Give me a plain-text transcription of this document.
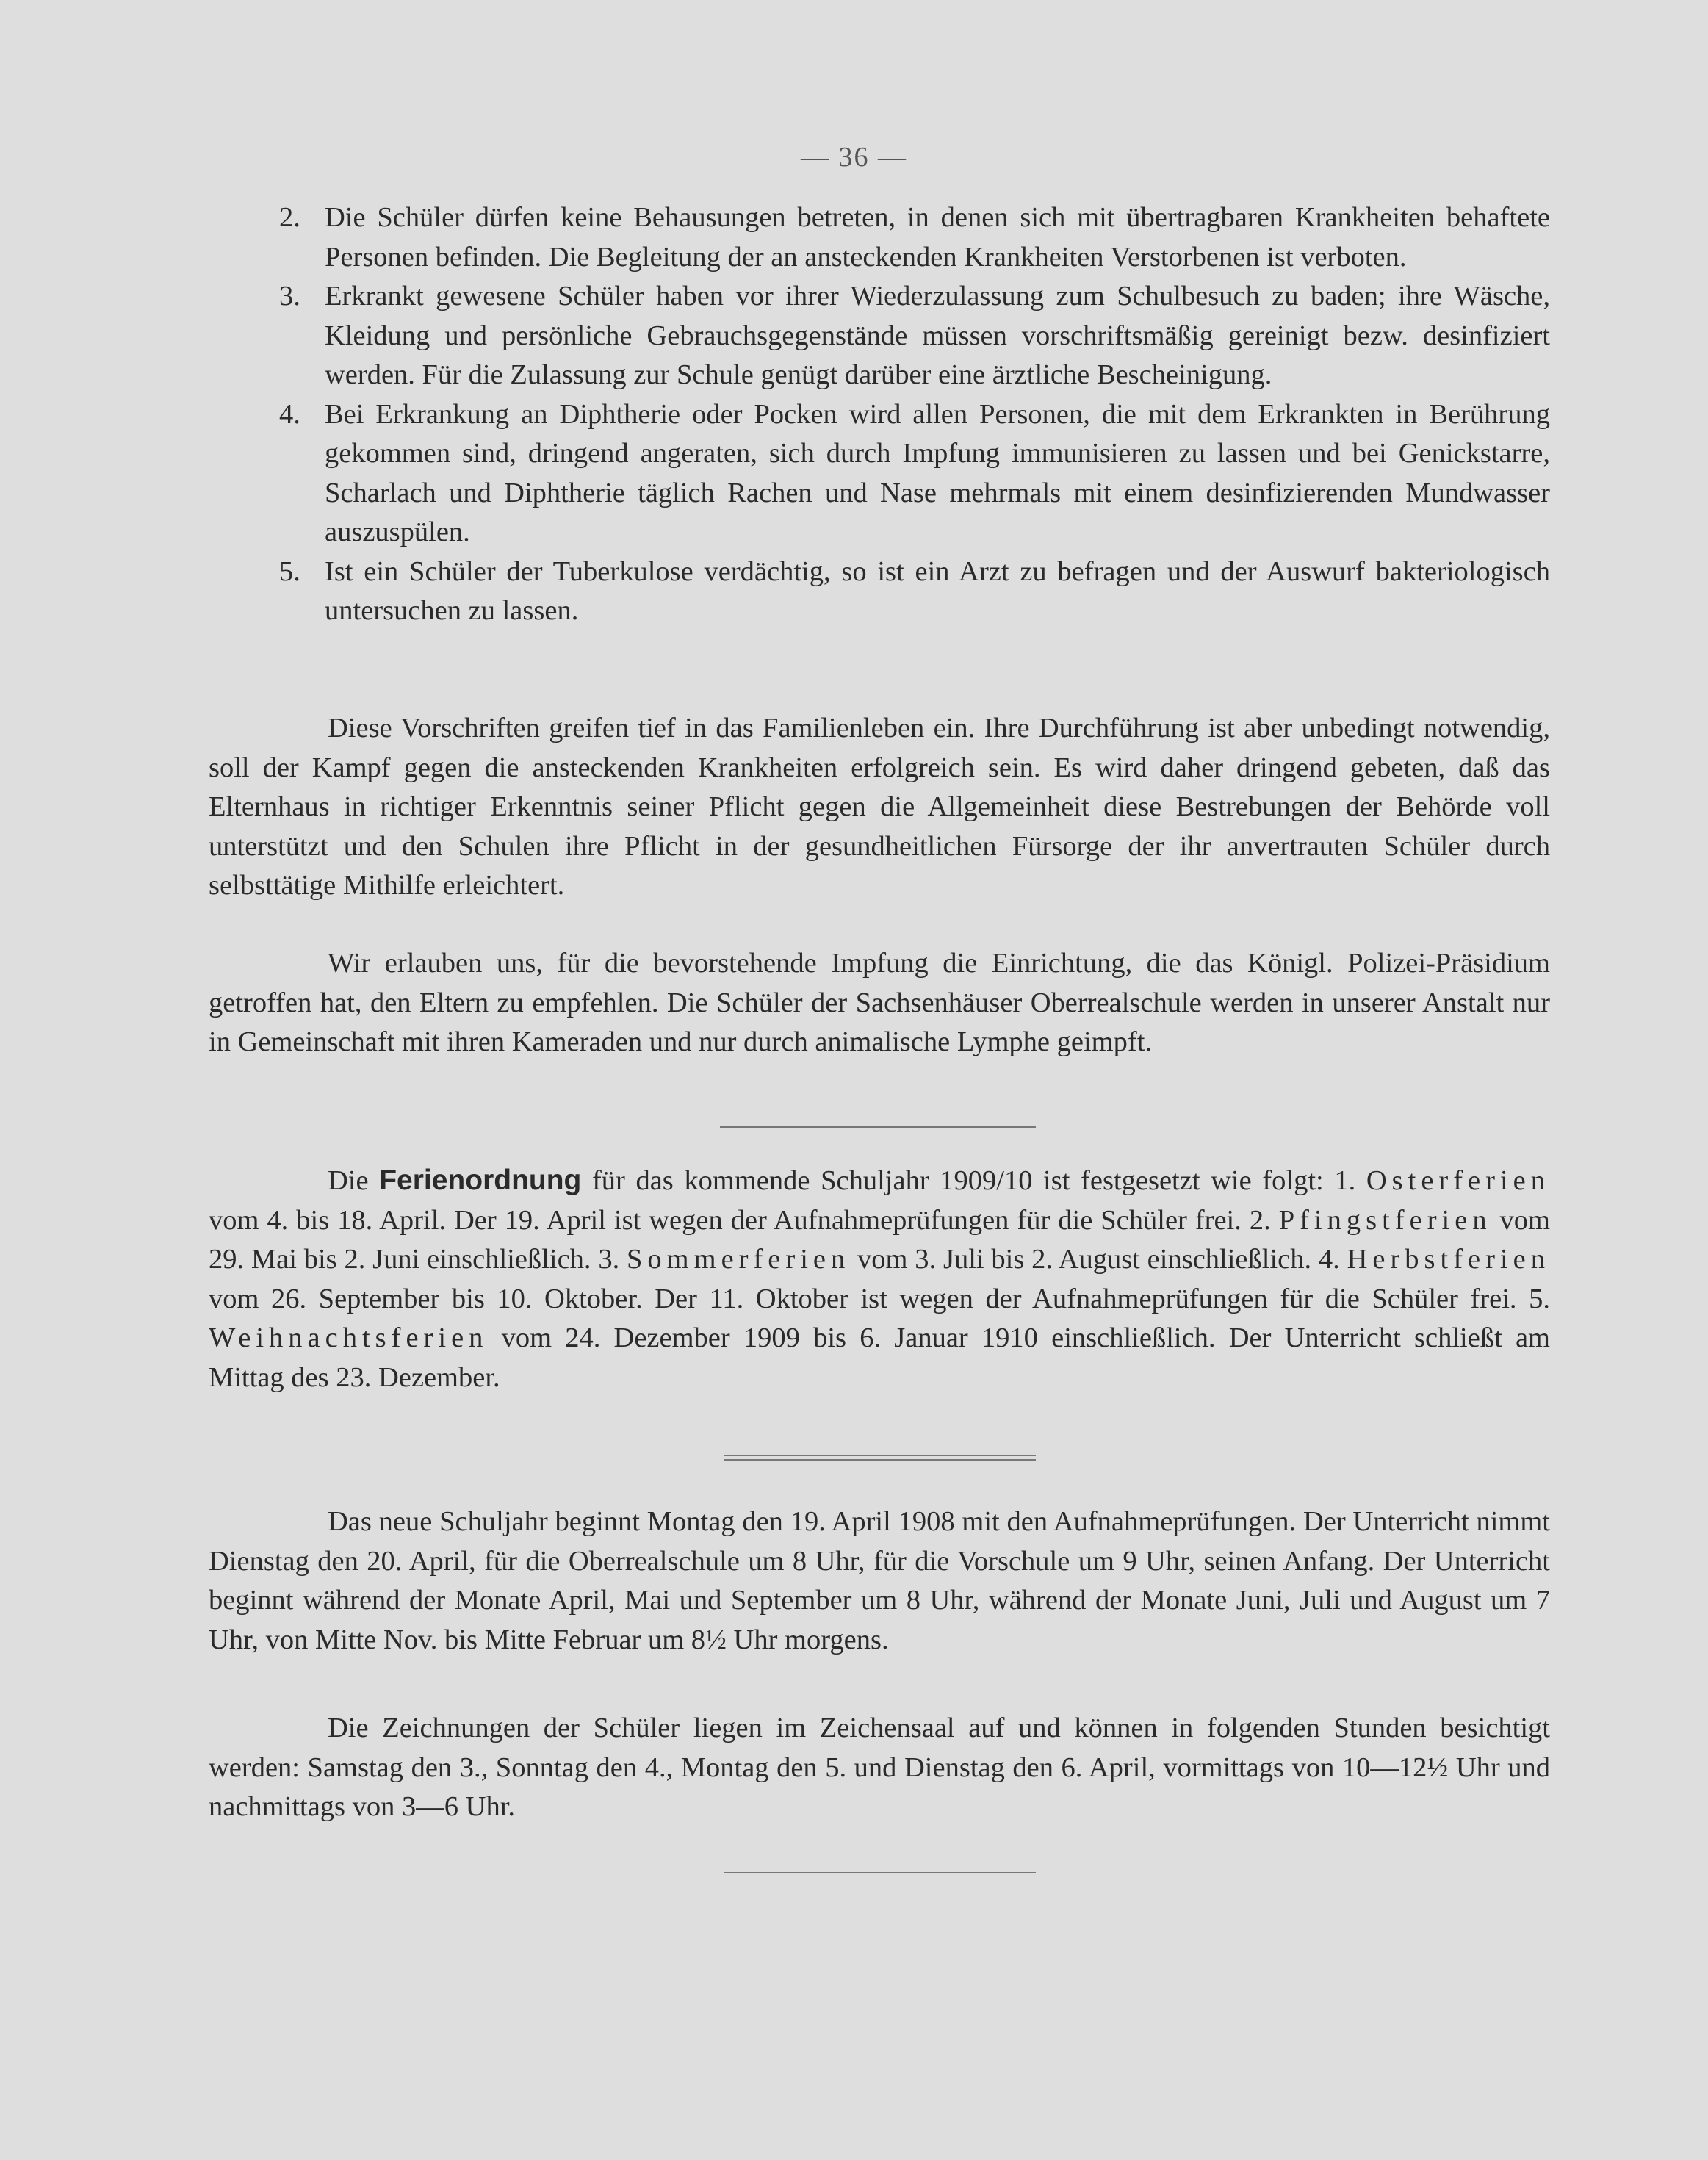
— 36 —
2. Die Schüler dürfen keine Behausungen betreten, in denen sich mit übertragbaren Krankheiten behaftete Personen befinden. Die Begleitung der an ansteckenden Krankheiten Verstorbenen ist verboten.
3. Erkrankt gewesene Schüler haben vor ihrer Wiederzulassung zum Schulbesuch zu baden; ihre Wäsche, Kleidung und persönliche Gebrauchsgegenstände müssen vorschriftsmäßig gereinigt bezw. desinfiziert werden. Für die Zulassung zur Schule genügt darüber eine ärztliche Bescheinigung.
4. Bei Erkrankung an Diphtherie oder Pocken wird allen Personen, die mit dem Erkrankten in Berührung gekommen sind, dringend angeraten, sich durch Impfung immunisieren zu lassen und bei Genickstarre, Scharlach und Diphtherie täglich Rachen und Nase mehrmals mit einem desinfizierenden Mundwasser auszuspülen.
5. Ist ein Schüler der Tuberkulose verdächtig, so ist ein Arzt zu befragen und der Auswurf bakteriologisch untersuchen zu lassen.
Diese Vorschriften greifen tief in das Familienleben ein. Ihre Durchführung ist aber unbedingt notwendig, soll der Kampf gegen die ansteckenden Krankheiten erfolgreich sein. Es wird daher dringend gebeten, daß das Elternhaus in richtiger Erkenntnis seiner Pflicht gegen die Allgemeinheit diese Bestrebungen der Behörde voll unterstützt und den Schulen ihre Pflicht in der gesundheitlichen Fürsorge der ihr anvertrauten Schüler durch selbsttätige Mithilfe erleichtert.
Wir erlauben uns, für die bevorstehende Impfung die Einrichtung, die das Königl. Polizei-Präsidium getroffen hat, den Eltern zu empfehlen. Die Schüler der Sachsenhäuser Oberrealschule werden in unserer Anstalt nur in Gemeinschaft mit ihren Kameraden und nur durch animalische Lymphe geimpft.
Die Ferienordnung für das kommende Schuljahr 1909/10 ist festgesetzt wie folgt: 1. Osterferien vom 4. bis 18. April. Der 19. April ist wegen der Aufnahmeprüfungen für die Schüler frei. 2. Pfingstferien vom 29. Mai bis 2. Juni einschließlich. 3. Sommerferien vom 3. Juli bis 2. August einschließlich. 4. Herbstferien vom 26. September bis 10. Oktober. Der 11. Oktober ist wegen der Aufnahmeprüfungen für die Schüler frei. 5. Weihnachtsferien vom 24. Dezember 1909 bis 6. Januar 1910 einschließlich. Der Unterricht schließt am Mittag des 23. Dezember.
Das neue Schuljahr beginnt Montag den 19. April 1908 mit den Aufnahmeprüfungen. Der Unterricht nimmt Dienstag den 20. April, für die Oberrealschule um 8 Uhr, für die Vorschule um 9 Uhr, seinen Anfang. Der Unterricht beginnt während der Monate April, Mai und September um 8 Uhr, während der Monate Juni, Juli und August um 7 Uhr, von Mitte Nov. bis Mitte Februar um 8½ Uhr morgens.
Die Zeichnungen der Schüler liegen im Zeichensaal auf und können in folgenden Stunden besichtigt werden: Samstag den 3., Sonntag den 4., Montag den 5. und Dienstag den 6. April, vormittags von 10—12½ Uhr und nachmittags von 3—6 Uhr.
